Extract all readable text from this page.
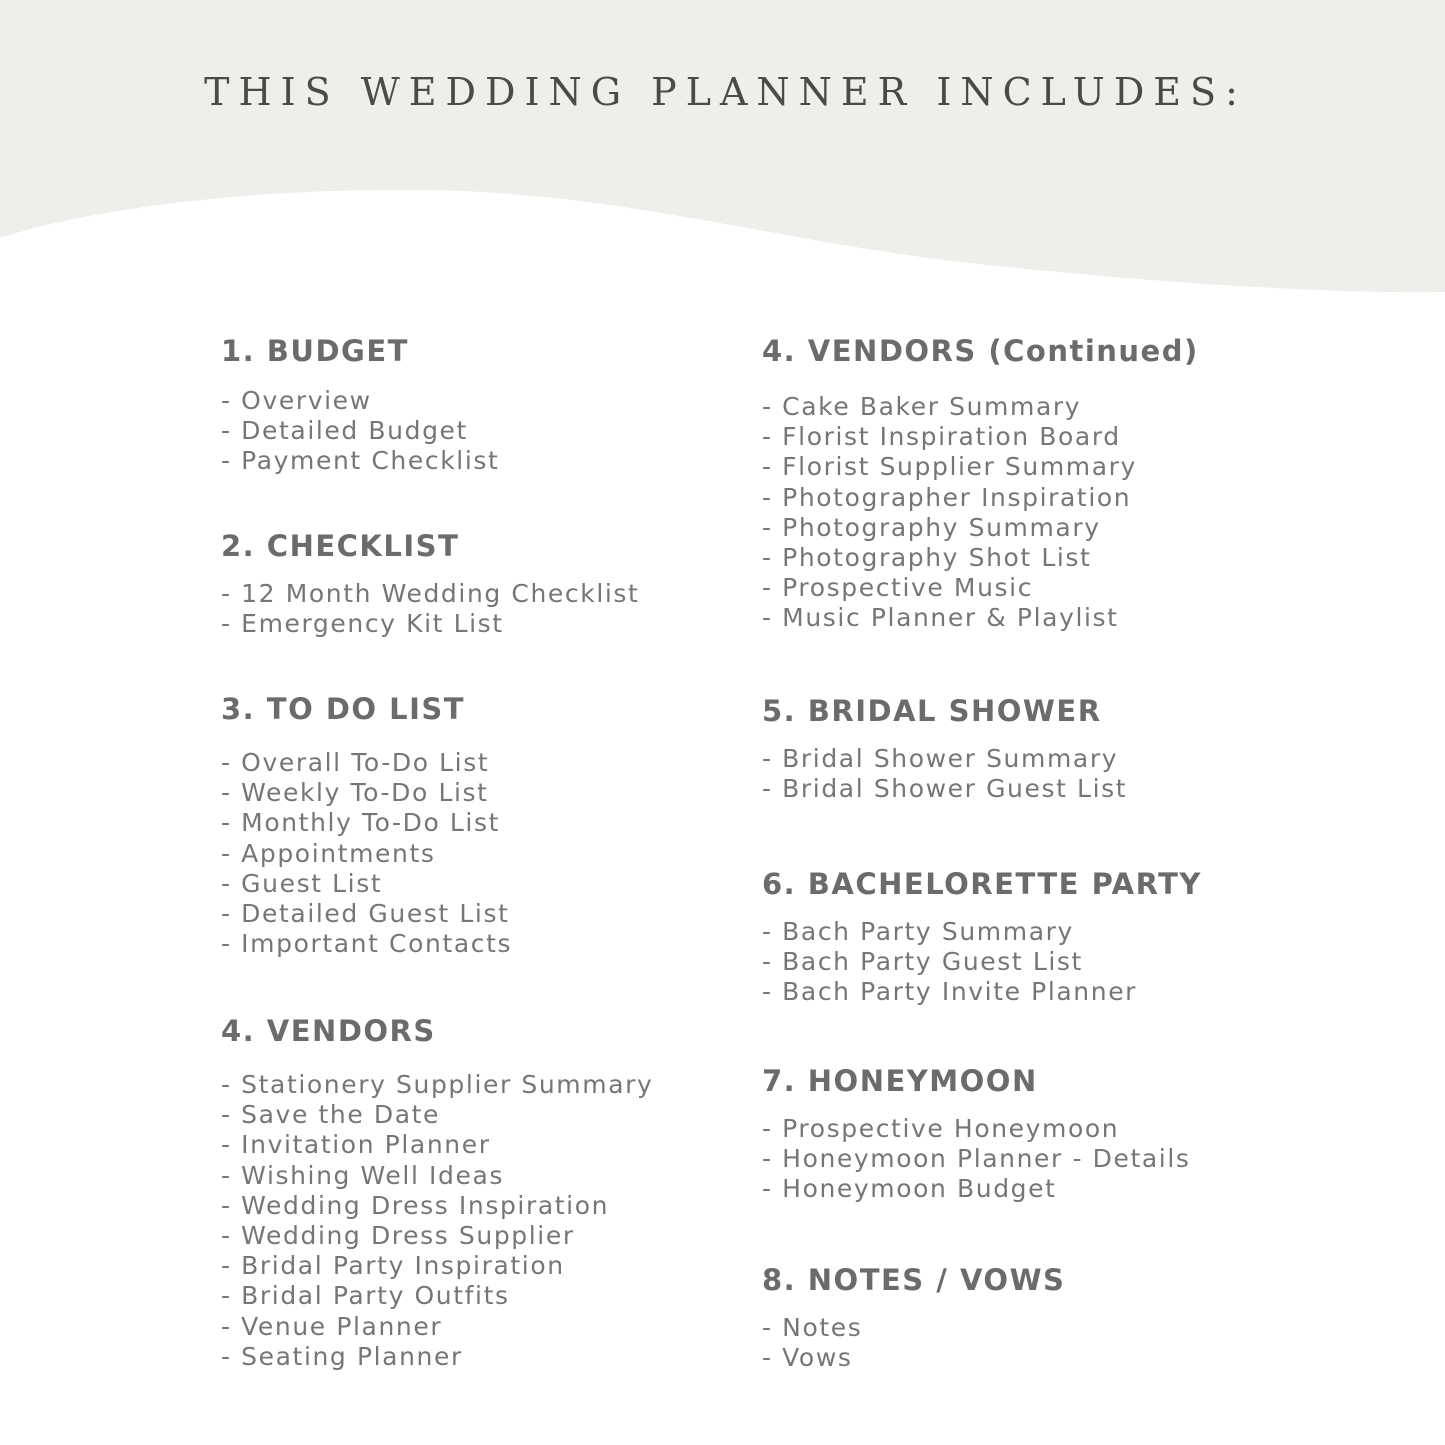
THIS WEDDING PLANNER INCLUDES:
1. BUDGET
- Overview
- Detailed Budget
- Payment Checklist
2. CHECKLIST
- 12 Month Wedding Checklist
- Emergency Kit List
3. TO DO LIST
- Overall To-Do List
- Weekly To-Do List
- Monthly To-Do List
- Appointments
- Guest List
- Detailed Guest List
- Important Contacts
4. VENDORS
- Stationery Supplier Summary
- Save the Date
- Invitation Planner
- Wishing Well Ideas
- Wedding Dress Inspiration
- Wedding Dress Supplier
- Bridal Party Inspiration
- Bridal Party Outfits
- Venue Planner
- Seating Planner
4. VENDORS (Continued)
- Cake Baker Summary
- Florist Inspiration Board
- Florist Supplier Summary
- Photographer Inspiration
- Photography Summary
- Photography Shot List
- Prospective Music
- Music Planner & Playlist
5. BRIDAL SHOWER
- Bridal Shower Summary
- Bridal Shower Guest List
6. BACHELORETTE PARTY
- Bach Party Summary
- Bach Party Guest List
- Bach Party Invite Planner
7. HONEYMOON
- Prospective Honeymoon
- Honeymoon Planner - Details
- Honeymoon Budget
8. NOTES / VOWS
- Notes
- Vows
